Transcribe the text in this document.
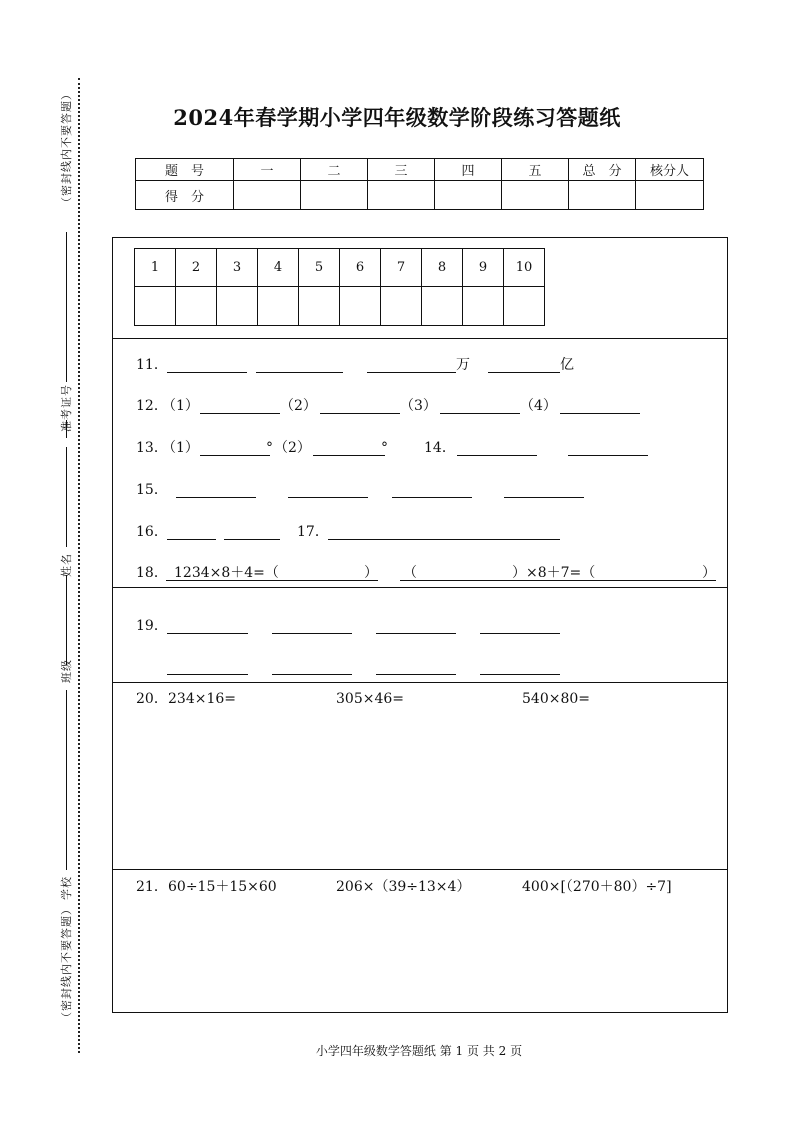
（密封线内不要答题）
（密封线内不要答题）
准考证号
姓名
班级
学校
2024年春学期小学四年级数学阶段练习答题纸
题　号	一	二	三	四	五	总　分	核分人
得　分							
1	2	3	4	5	6	7	8	9	10

11．	万	亿
12．
（1）	（2）	（3）	（4）
13．
（1）	° （2）	°	14．
15．
16．	17．
18． 1234×8＋4=（	） （	）×8＋7=（	）
19．
20． 234×16=	305×46=	540×80=
21． 60÷15＋15×60	206×（39÷13×4）	400×[（270＋80）÷7]
小学四年级数学答题纸 第 1 页 共 2 页
